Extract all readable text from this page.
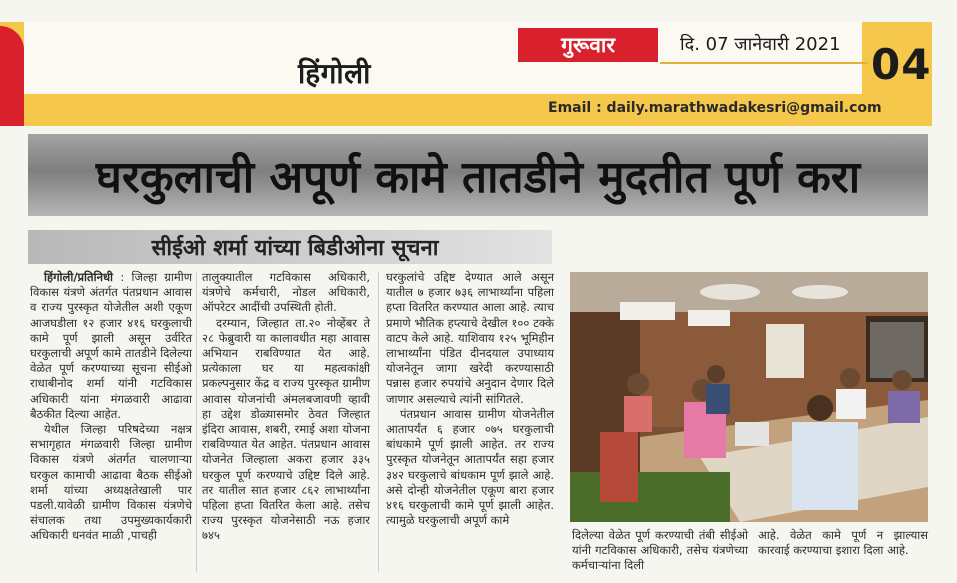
हिंगोली
गुरूवार	दि. 07 जानेवारी 2021 04
Email : daily.marathwadakesri@gmail.com
घरकुलाची अपूर्ण कामे तातडीने मुदतीत पूर्ण करा
सीईओ शर्मा यांच्या बिडीओना सूचना

हिंगोली/प्रतिनिधी : जिल्हा ग्रामीण विकास यंत्रणे अंतर्गत पंतप्रधान आवास व राज्य पुरस्कृत योजेतील अशी एकूण आजघडीला १२ हजार ४१६ घरकुलाची कामे पूर्ण झाली असून उर्वरित घरकुलाची अपूर्ण कामे तातडीने दिलेल्या वेळेत पूर्ण करण्याच्या सूचना सीईओ राधाबीनोद शर्मा यांनी गटविकास अधिकारी यांना मंगळवारी आढावा बैठकीत दिल्या आहेत.

येथील जिल्हा परिषदेच्या नक्षत्र सभागृहात मंगळवारी जिल्हा ग्रामीण विकास यंत्रणे अंतर्गत चालणाऱ्या घरकुल कामाची आढावा बैठक सीईओ शर्मा यांच्या अध्यक्षतेखाली पार पडली.यावेळी ग्रामीण विकास यंत्रणेचे संचालक तथा उपमुख्यकार्यकारी अधिकारी धनवंत माळी ,पाचही

तालुक्यातील गटविकास अधिकारी, यंत्रणेचे कर्मचारी, नोडल अधिकारी, ऑपरेटर आदींची उपस्थिती होती.

दरम्यान, जिल्हात ता.२० नोव्हेंबर ते २८ फेब्रुवारी या कालावधीत महा आवास अभियान राबविण्यात येत आहे. प्रत्येकाला घर या महत्वकांक्षी प्रकल्पनुसार केंद्र व राज्य पुरस्कृत ग्रामीण आवास योजनांची अंमलबजावणी व्हावी हा उद्देश डोळ्यासमोर ठेवत जिल्हात इंदिरा आवास, शबरी, रमाई अशा योजना राबविण्यात येत आहेत. पंतप्रधान आवास योजनेत जिल्हाला अकरा हजार ३३५ घरकुल पूर्ण करण्याचे उद्दिष्ट दिले आहे. तर यातील सात हजार ८६२ लाभार्थ्यांना पहिला हप्ता वितरित केला आहे. तसेच राज्य पुरस्कृत योजनेसाठी नऊ हजार ७४५

घरकुलांचे उद्दिष्ट देण्यात आले असून यातील ७ हजार ७३६ लाभार्थ्यांना पहिला हप्ता वितरित करण्यात आला आहे. त्याच प्रमाणे भौतिक हप्त्याचे देखील १०० टक्के वाटप केले आहे. याशिवाय १२५ भूमिहीन लाभार्थ्यांना पंडित दीनदयाल उपाध्याय योजनेतून जागा खरेदी करण्यासाठी पन्नास हजार रुपयांचे अनुदान देणार दिले जाणार असल्याचे त्यांनी सांगितले.

पंतप्रधान आवास ग्रामीण योजनेतील आतापर्यंत ६ हजार ०७५ घरकुलाची बांधकामे पूर्ण झाली आहेत. तर राज्य पुरस्कृत योजनेतून आतापर्यंत सहा हजार ३४२ घरकुलाचे बांधकाम पूर्ण झाले आहे. असे दोन्ही योजनेतील एकूण बारा हजार ४१६ घरकुलाची कामे पूर्ण झाली आहेत. त्यामुळे घरकुलाची अपूर्ण कामे

दिलेल्या वेळेत पूर्ण करण्याची तंबी सीईओ यांनी गटविकास अधिकारी, तसेच यंत्रणेच्या कर्मचाऱ्यांना दिली
आहे. वेळेत कामे पूर्ण न झाल्यास कारवाई करण्याचा इशारा दिला आहे.
